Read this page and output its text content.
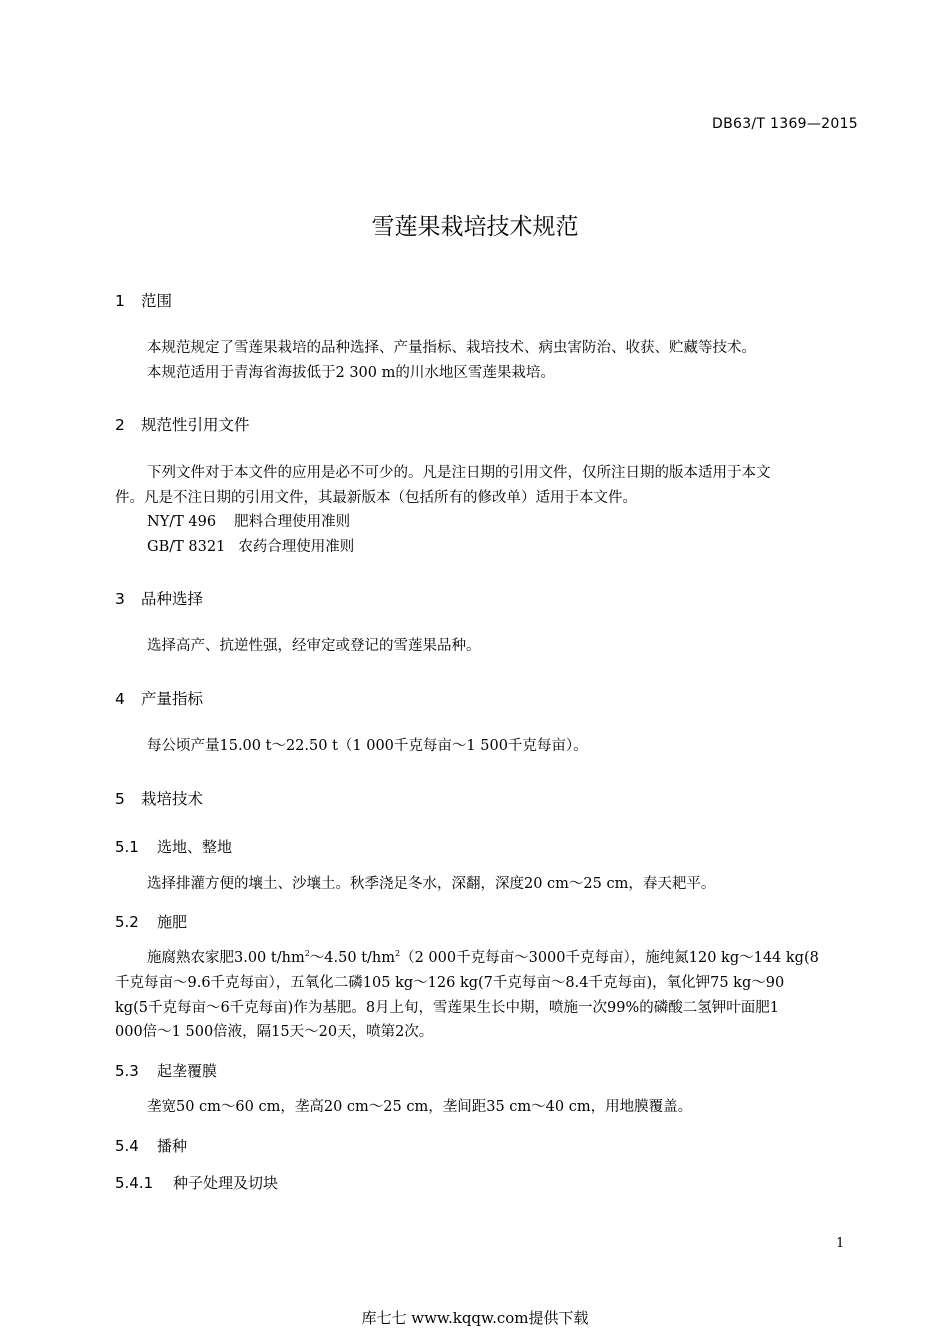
DB63/T 1369—2015
雪莲果栽培技术规范
1 范围
本规范规定了雪莲果栽培的品种选择、产量指标、栽培技术、病虫害防治、收获、贮藏等技术。
本规范适用于青海省海拔低于2 300 m的川水地区雪莲果栽培。
2 规范性引用文件
下列文件对于本文件的应用是必不可少的。凡是注日期的引用文件，仅所注日期的版本适用于本文
件。凡是不注日期的引用文件，其最新版本（包括所有的修改单）适用于本文件。
NY/T 496 肥料合理使用准则
GB/T 8321 农药合理使用准则
3 品种选择
选择高产、抗逆性强，经审定或登记的雪莲果品种。
4 产量指标
每公顷产量15.00 t～22.50 t（1 000千克每亩～1 500千克每亩）。
5 栽培技术
5.1 选地、整地
选择排灌方便的壤土、沙壤土。秋季浇足冬水，深翻，深度20 cm～25 cm，春天耙平。
5.2 施肥
施腐熟农家肥3.00 $t/hm^2\sim 4.50$ $t/hm^2(2$ 000千克每亩～3000千克每亩），施纯氮120 kg～144 kg(8
千克每亩～9.6千克每亩），五氧化二磷105 kg～126 kg(7千克每亩～8.4千克每亩)，氧化钾75 kg～90
kg(5千克每亩～6千克每亩)作为基肥。8月上旬，雪莲果生长中期，喷施一次99%的磷酸二氢钾叶面肥1
000倍～1 500倍液，隔15天～20天，喷第2次。
5.3 起垄覆膜
垄宽50 cm～60 cm，垄高20 cm～25 cm，垄间距35 cm～40 cm，用地膜覆盖。
5.4 播种
5.4.1 种子处理及切块
1
库七七 www.kqqw.com提供下载
